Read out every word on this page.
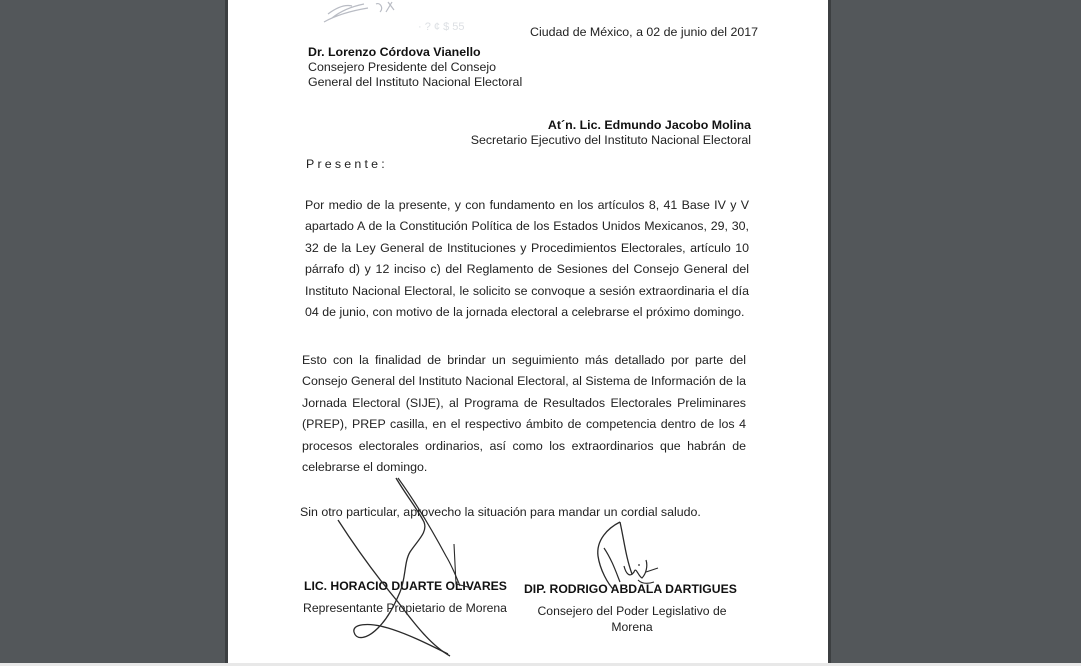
· ? ¢ $ 55	Ciudad de México, a 02 de junio del 2017
Dr. Lorenzo Córdova Vianello
Consejero Presidente del Consejo
General del Instituto Nacional Electoral
At´n. Lic. Edmundo Jacobo Molina
Secretario Ejecutivo del Instituto Nacional Electoral
Presente:
Por medio de la presente, y con fundamento en los artículos 8, 41 Base IV y V
apartado A de la Constitución Política de los Estados Unidos Mexicanos, 29, 30,
32 de la Ley General de Instituciones y Procedimientos Electorales, artículo 10
párrafo d) y 12 inciso c) del Reglamento de Sesiones del Consejo General del
Instituto Nacional Electoral, le solicito se convoque a sesión extraordinaria el día
04 de junio, con motivo de la jornada electoral a celebrarse el próximo domingo.
Esto con la finalidad de brindar un seguimiento más detallado por parte del
Consejo General del Instituto Nacional Electoral, al Sistema de Información de la
Jornada Electoral (SIJE), al Programa de Resultados Electorales Preliminares
(PREP), PREP casilla, en el respectivo ámbito de competencia dentro de los 4
procesos electorales ordinarios, así como los extraordinarios que habrán de
celebrarse el domingo.
Sin otro particular, aprovecho la situación para mandar un cordial saludo.
LIC. HORACIO DUARTE OLIVARES
Representante Propietario de Morena
DIP. RODRIGO ABDALA DARTIGUES
Consejero del Poder Legislativo de
Morena
